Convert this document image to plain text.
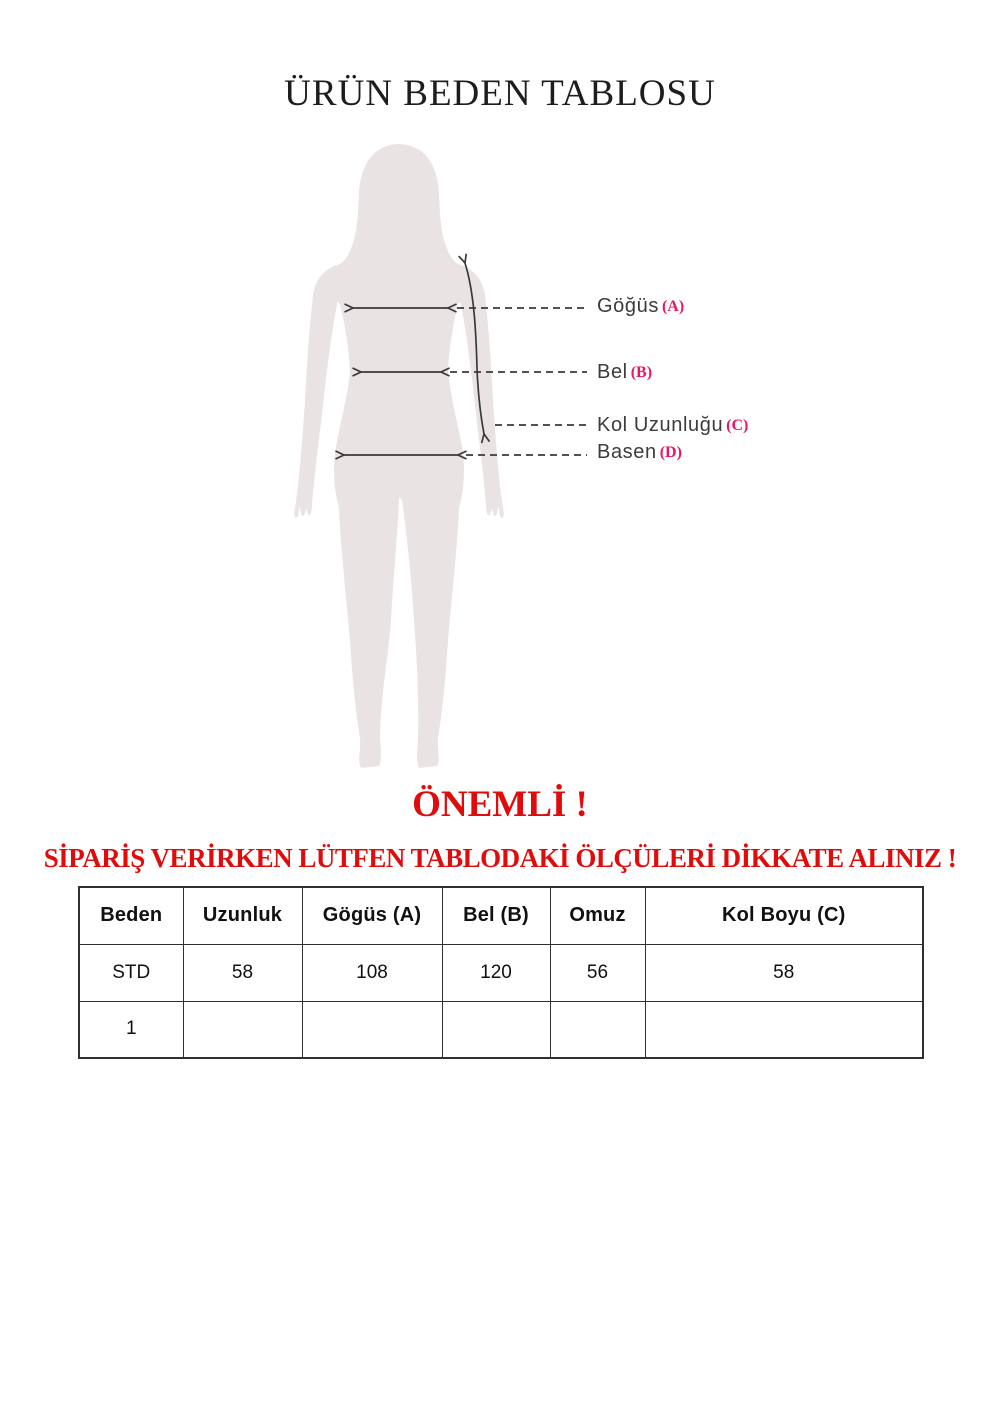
ÜRÜN BEDEN TABLOSU
Göğüs (A)
Bel (B)
Kol Uzunluğu (C)
Basen (D)
ÖNEMLİ !
SİPARİŞ VERİRKEN LÜTFEN TABLODAKİ ÖLÇÜLERİ DİKKATE ALINIZ !
Beden	Uzunluk	Gögüs (A)	Bel (B)	Omuz	Kol Boyu (C)
STD	58	108	120	56	58
1					
